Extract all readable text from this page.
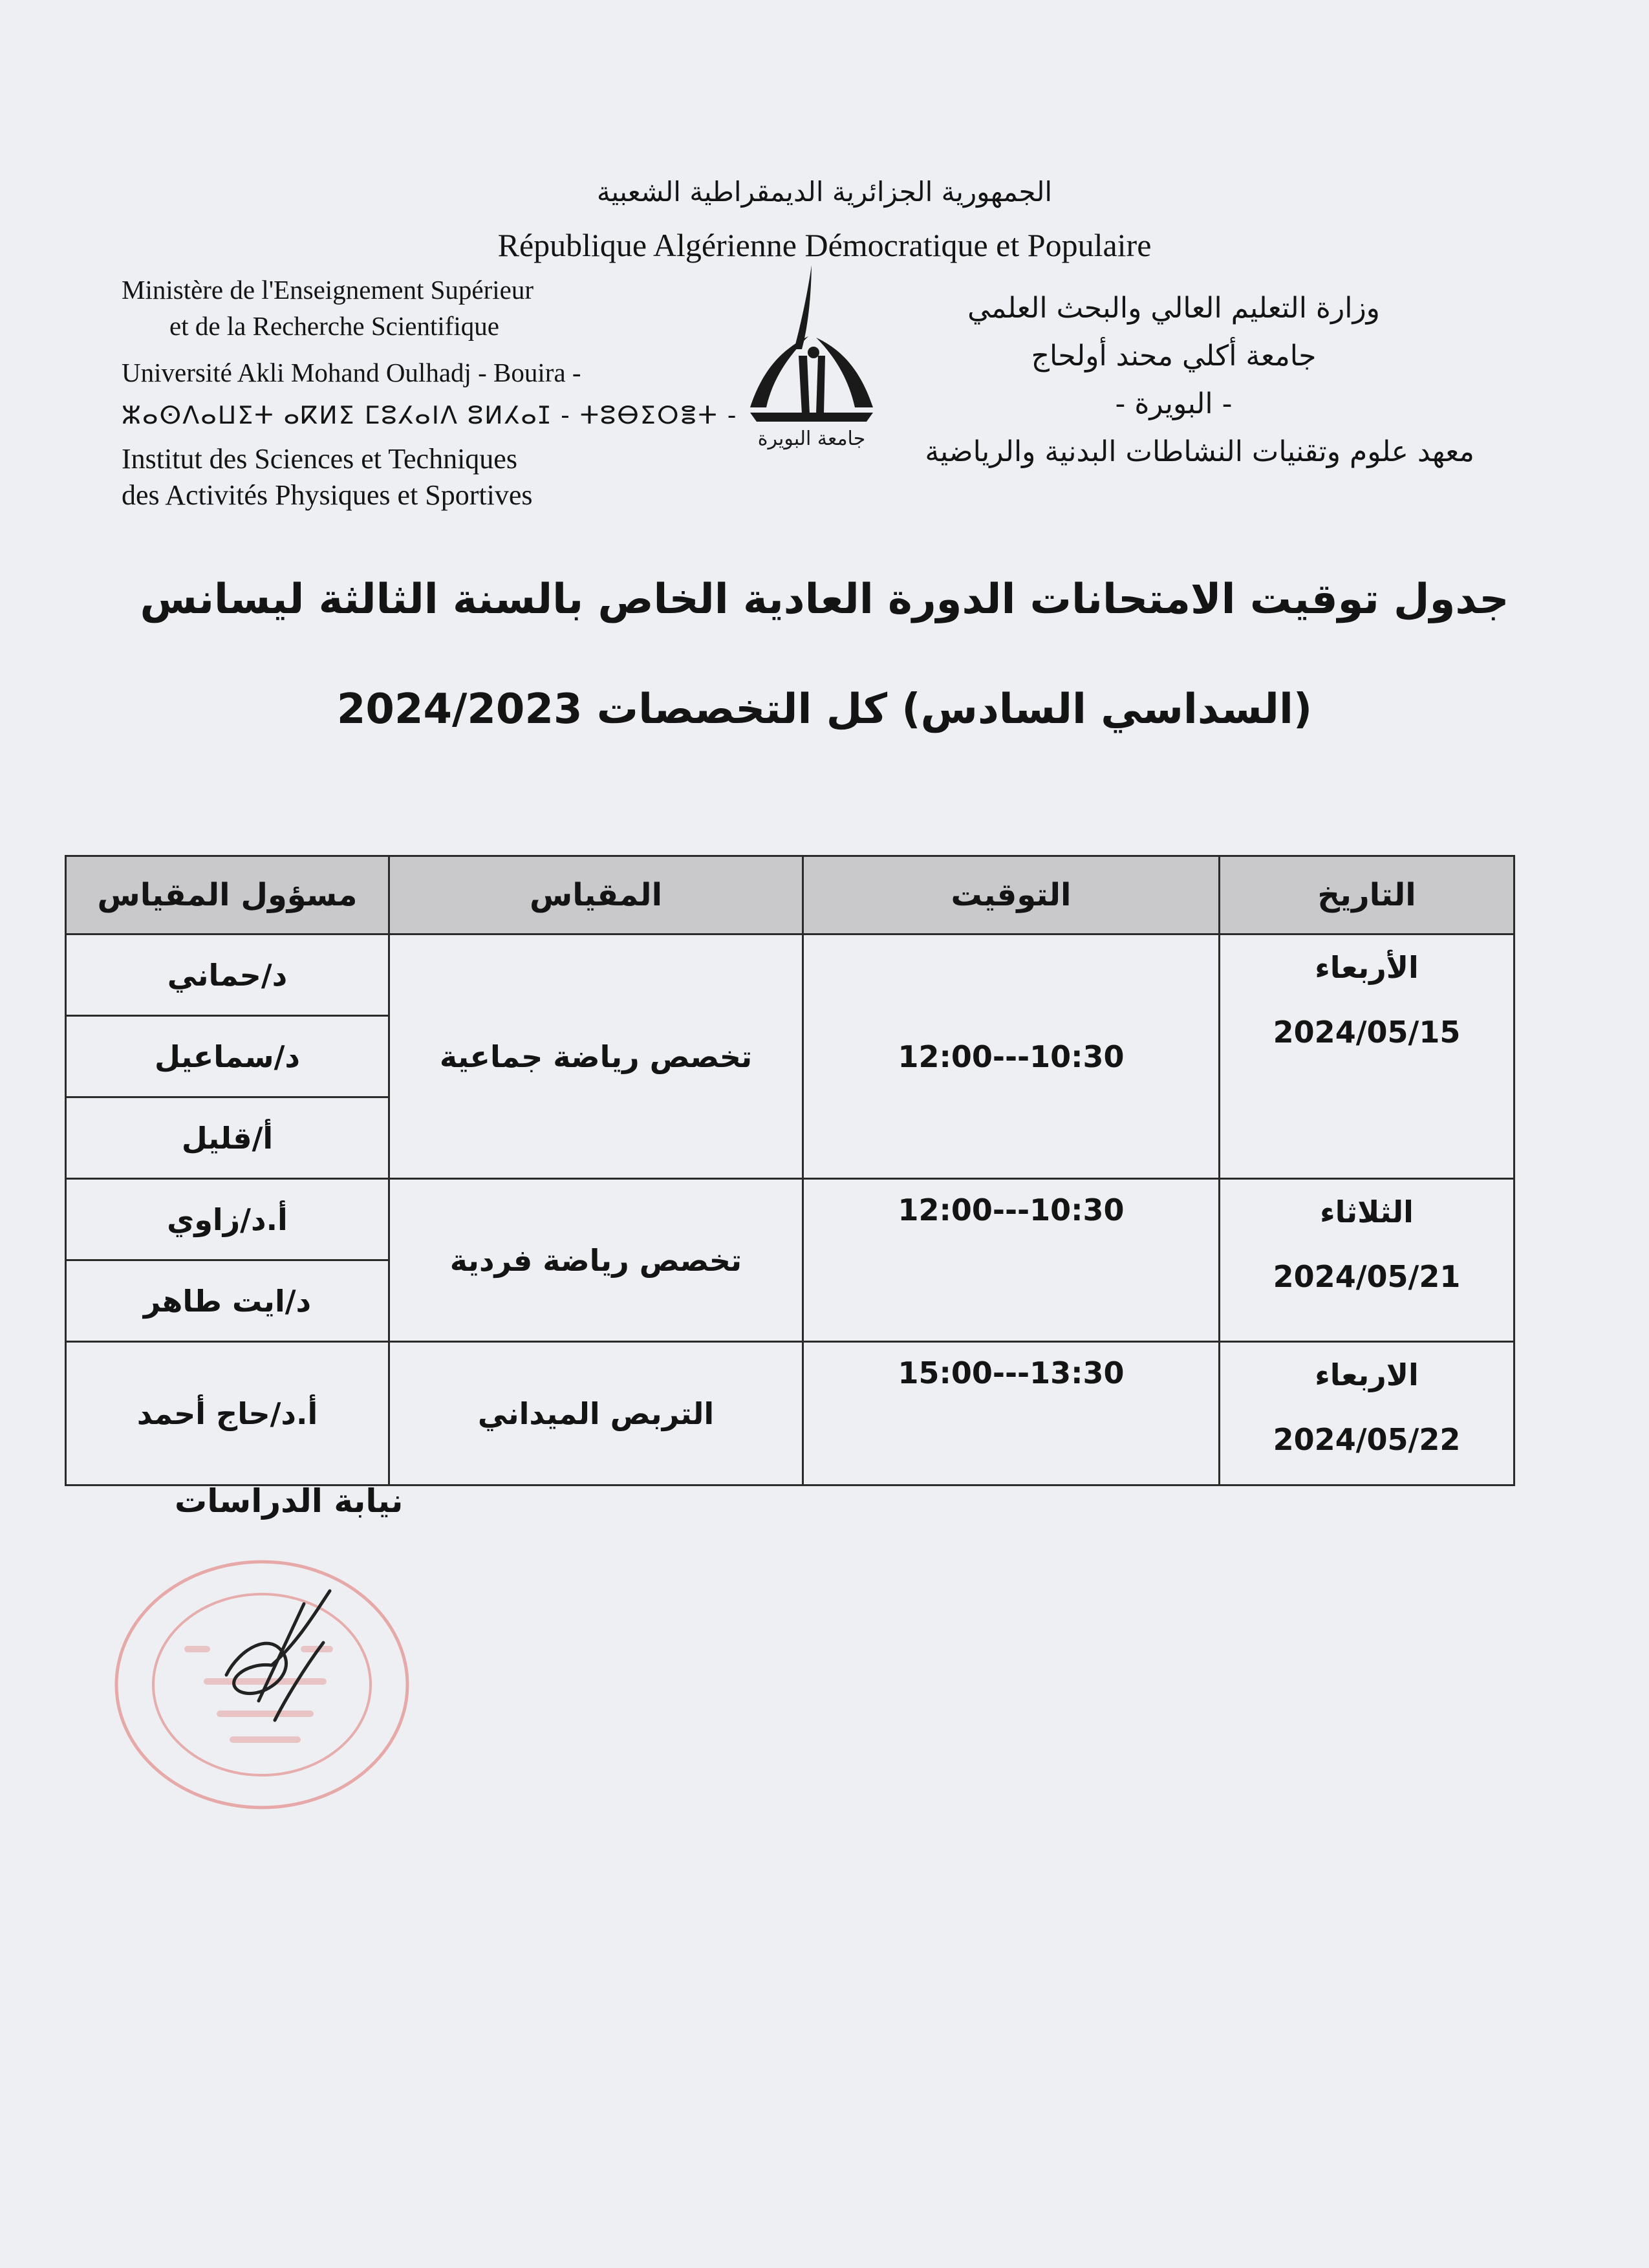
الجمهورية الجزائرية الديمقراطية الشعبية
République Algérienne Démocratique et Populaire
Ministère de l'Enseignement Supérieur
et de la Recherche Scientifique
Université Akli Mohand Oulhadj - Bouira -
ⵣⴰⵙⴷⴰⵡⵉⵜ ⴰⴽⵍⵉ ⵎⵓⵃⴰⵏⴷ ⵓⵍⵃⴰⵊ - ⵜⵓⴱⵉⵔⴻⵜ -
Institut des Sciences et Techniques
des Activités Physiques et Sportives
جامعة البويرة
وزارة التعليم العالي والبحث العلمي
جامعة أكلي محند أولحاج
- البويرة -
معهد علوم وتقنيات النشاطات البدنية والرياضية
جدول توقيت الامتحانات الدورة العادية الخاص بالسنة الثالثة ليسانس
(السداسي السادس) كل التخصصات 2024/2023
التاريخ	التوقيت	المقياس	مسؤول المقياس

الأربعاء
2024/05/15	12:00---10:30	تخصص رياضة جماعية	د/حماني
			د/سماعيل
			أ/قليل

الثلاثاء
2024/05/21	12:00---10:30	تخصص رياضة فردية	أ.د/زاوي
			د/ايت طاهر

الاربعاء
2024/05/22	15:00---13:30	التربص الميداني	أ.د/حاج أحمد
نيابة الدراسات
